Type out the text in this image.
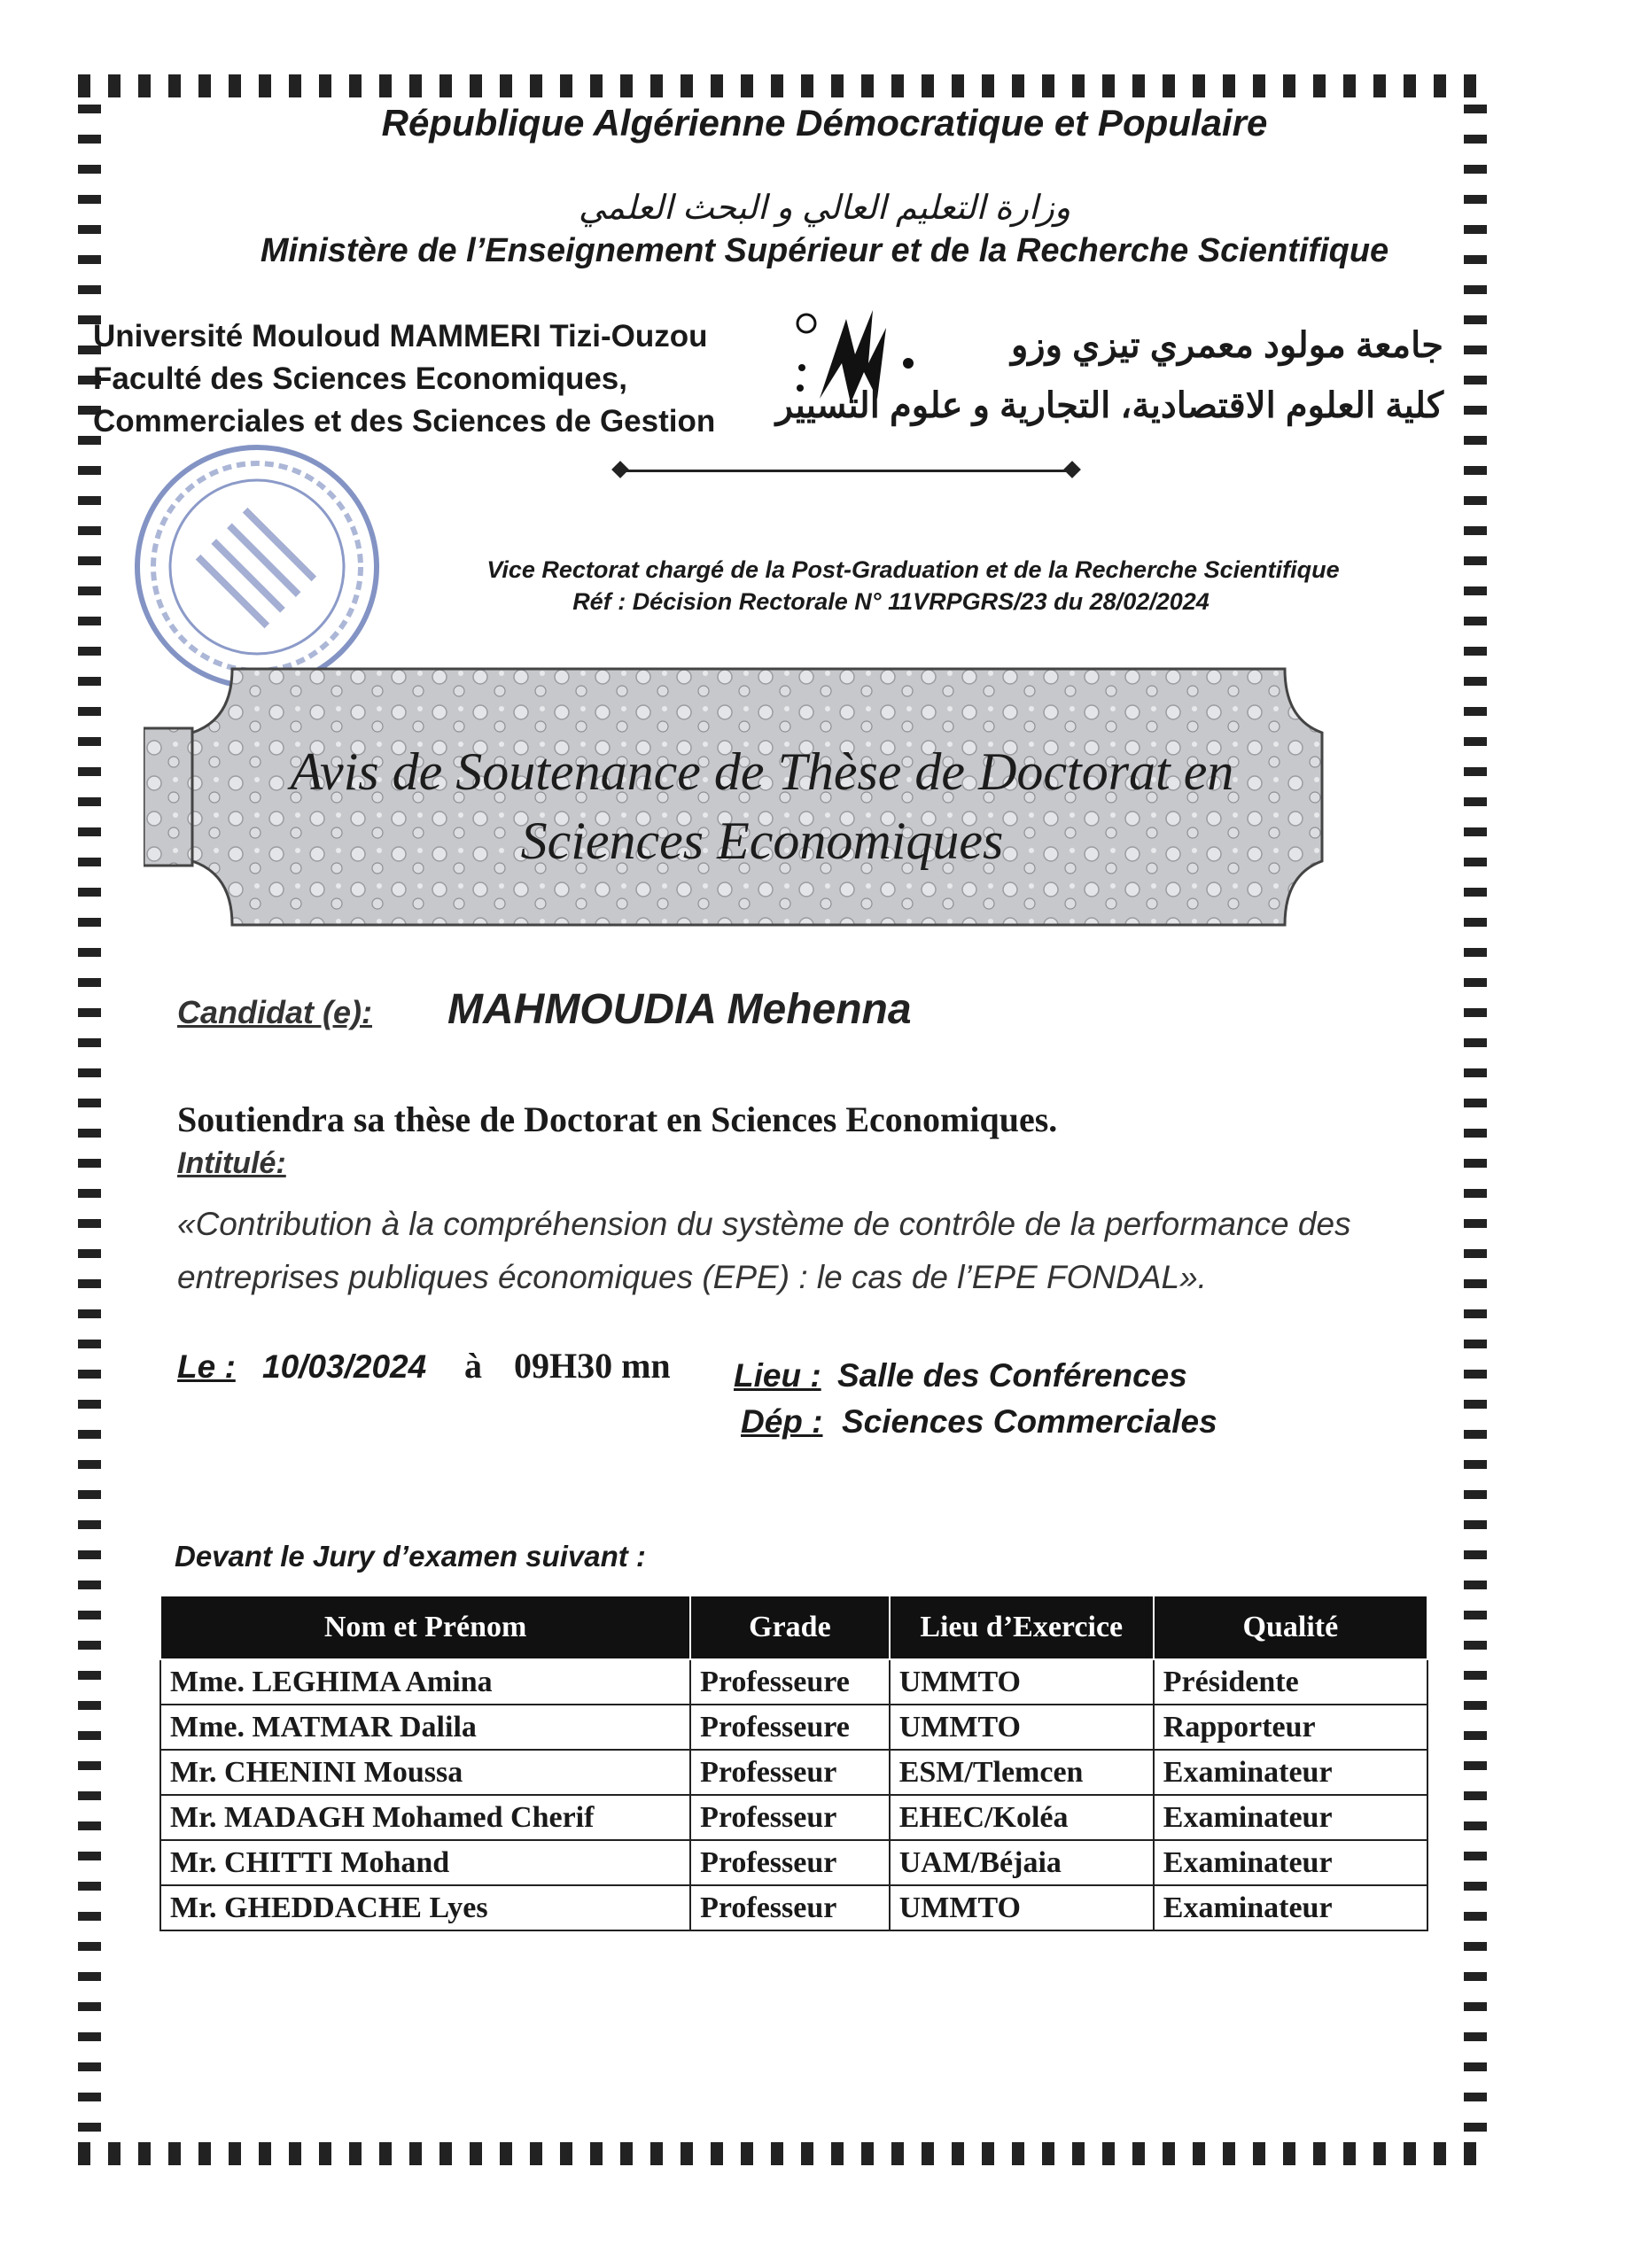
République Algérienne Démocratique et Populaire
وزارة التعليم العالي و البحث العلمي
Ministère de l’Enseignement Supérieur et de la Recherche Scientifique
Université Mouloud MAMMERI Tizi-Ouzou
Faculté des Sciences Economiques,
Commerciales et des Sciences de Gestion
جامعة مولود معمري تيزي وزو
كلية العلوم الاقتصادية، التجارية و علوم التسيير
Vice Rectorat chargé de la Post-Graduation et de la Recherche Scientifique
Réf : Décision Rectorale N° 11VRPGRS/23 du 28/02/2024
Avis de Soutenance de Thèse de Doctorat en
Sciences Economiques
Candidat (e): MAHMOUDIA Mehenna
Soutiendra sa thèse de Doctorat en Sciences Economiques.
Intitulé:
«Contribution à la compréhension du système de contrôle de la performance des entreprises publiques économiques (EPE) : le cas de l’EPE FONDAL».
Le : 10/03/2024 à 09H30 mn Lieu : Salle des Conférences
Dép : Sciences Commerciales
Devant le Jury d’examen suivant :
Nom et Prénom	Grade	Lieu d’Exercice	Qualité
Mme. LEGHIMA Amina	Professeure	UMMTO	Présidente
Mme. MATMAR Dalila	Professeure	UMMTO	Rapporteur
Mr. CHENINI Moussa	Professeur	ESM/Tlemcen	Examinateur
Mr. MADAGH Mohamed Cherif	Professeur	EHEC/Koléa	Examinateur
Mr. CHITTI Mohand	Professeur	UAM/Béjaia	Examinateur
Mr. GHEDDACHE Lyes	Professeur	UMMTO	Examinateur
